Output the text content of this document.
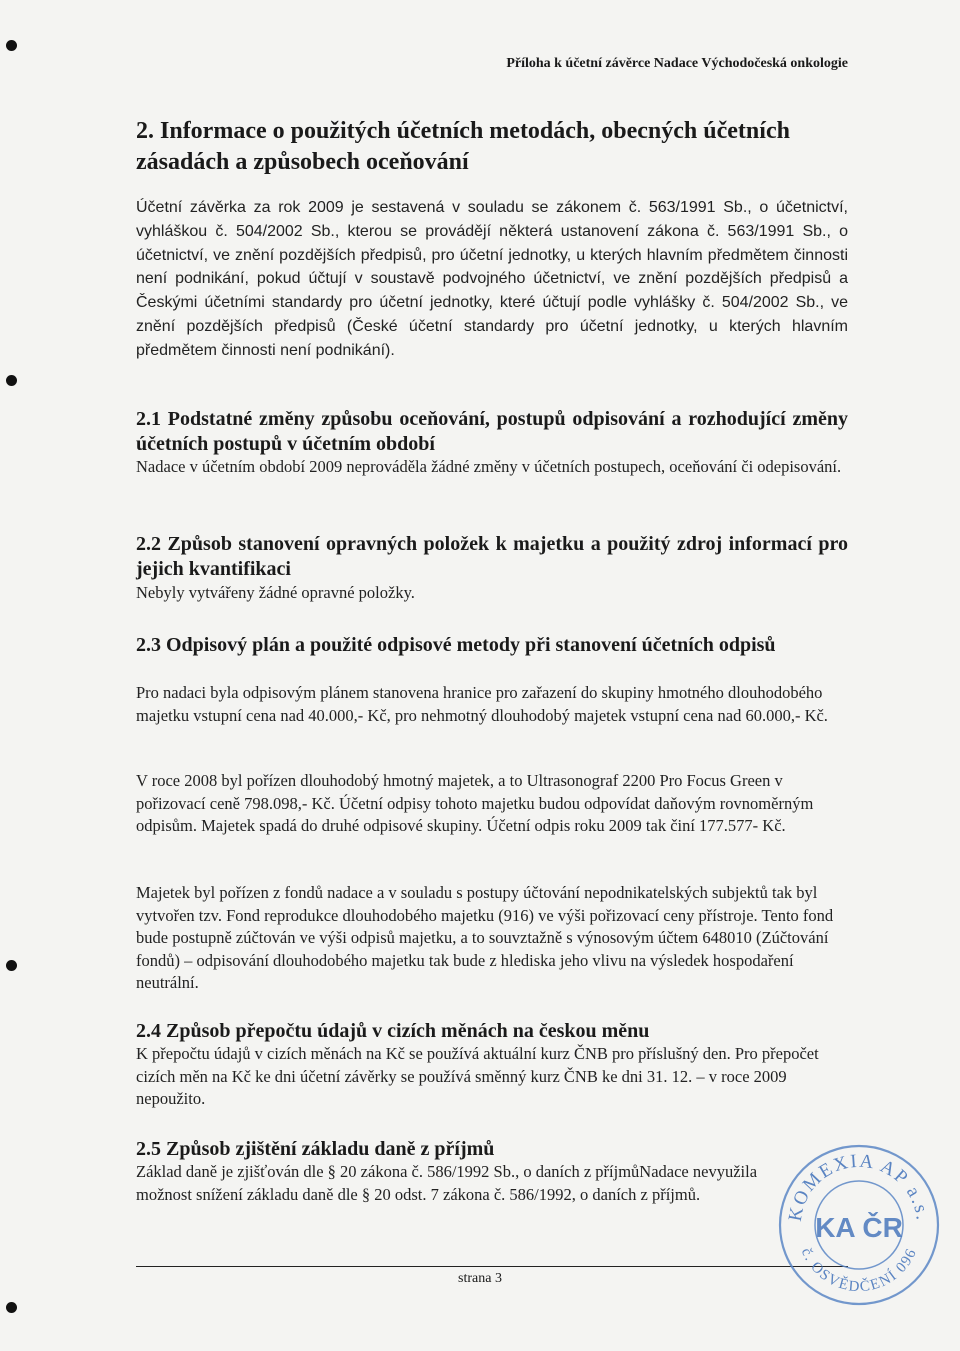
Příloha k účetní závěrce Nadace Východočeská onkologie
2. Informace o použitých účetních metodách, obecných účetních zásadách a způsobech oceňování

Účetní závěrka za rok 2009 je sestavená v souladu se zákonem č. 563/1991 Sb., o účetnictví, vyhláškou č. 504/2002 Sb., kterou se provádějí některá ustanovení zákona č. 563/1991 Sb., o účetnictví, ve znění pozdějších předpisů, pro účetní jednotky, u kterých hlavním předmětem činnosti není podnikání, pokud účtují v soustavě podvojného účetnictví, ve znění pozdějších předpisů a Českými účetními standardy pro účetní jednotky, které účtují podle vyhlášky č. 504/2002 Sb., ve znění pozdějších předpisů (České účetní standardy pro účetní jednotky, u kterých hlavním předmětem činnosti není podnikání).

2.1 Podstatné změny způsobu oceňování, postupů odpisování a rozhodující změny účetních postupů v účetním období

Nadace v účetním období 2009 neprováděla žádné změny v účetních postupech, oceňování či odepisování.

2.2 Způsob stanovení opravných položek k majetku a použitý zdroj informací pro jejich kvantifikaci

Nebyly vytvářeny žádné opravné položky.

2.3 Odpisový plán a použité odpisové metody při stanovení účetních odpisů

Pro nadaci byla odpisovým plánem stanovena hranice pro zařazení do skupiny hmotného dlouhodobého majetku vstupní cena nad 40.000,- Kč, pro nehmotný dlouhodobý majetek vstupní cena nad 60.000,- Kč.

V roce 2008 byl pořízen dlouhodobý hmotný majetek, a to Ultrasonograf 2200 Pro Focus Green v pořizovací ceně 798.098,- Kč. Účetní odpisy tohoto majetku budou odpovídat daňovým rovnoměrným odpisům. Majetek spadá do druhé odpisové skupiny. Účetní odpis roku 2009 tak činí 177.577- Kč.

Majetek byl pořízen z fondů nadace a v souladu s postupy účtování nepodnikatelských subjektů tak byl vytvořen tzv. Fond reprodukce dlouhodobého majetku (916) ve výši pořizovací ceny přístroje. Tento fond bude postupně zúčtován ve výši odpisů majetku, a to souvztažně s výnosovým účtem 648010 (Zúčtování fondů) – odpisování dlouhodobého majetku tak bude z hlediska jeho vlivu na výsledek hospodaření neutrální.

2.4 Způsob přepočtu údajů v cizích měnách na českou měnu

K přepočtu údajů v cizích měnách na Kč se používá aktuální kurz ČNB pro příslušný den. Pro přepočet cizích měn na Kč ke dni účetní závěrky se používá směnný kurz ČNB ke dni 31. 12. – v roce 2009 nepoužito.

2.5 Způsob zjištění základu daně z příjmů

Základ daně je zjišťován dle § 20 zákona č. 586/1992 Sb., o daních z příjmůNadace nevyužila možnost snížení základu daně dle § 20 odst. 7 zákona č. 586/1992, o daních z příjmů.

strana 3
KOMEXIA AP a.s.
č. OSVĚDČENÍ 096
KA ČR
